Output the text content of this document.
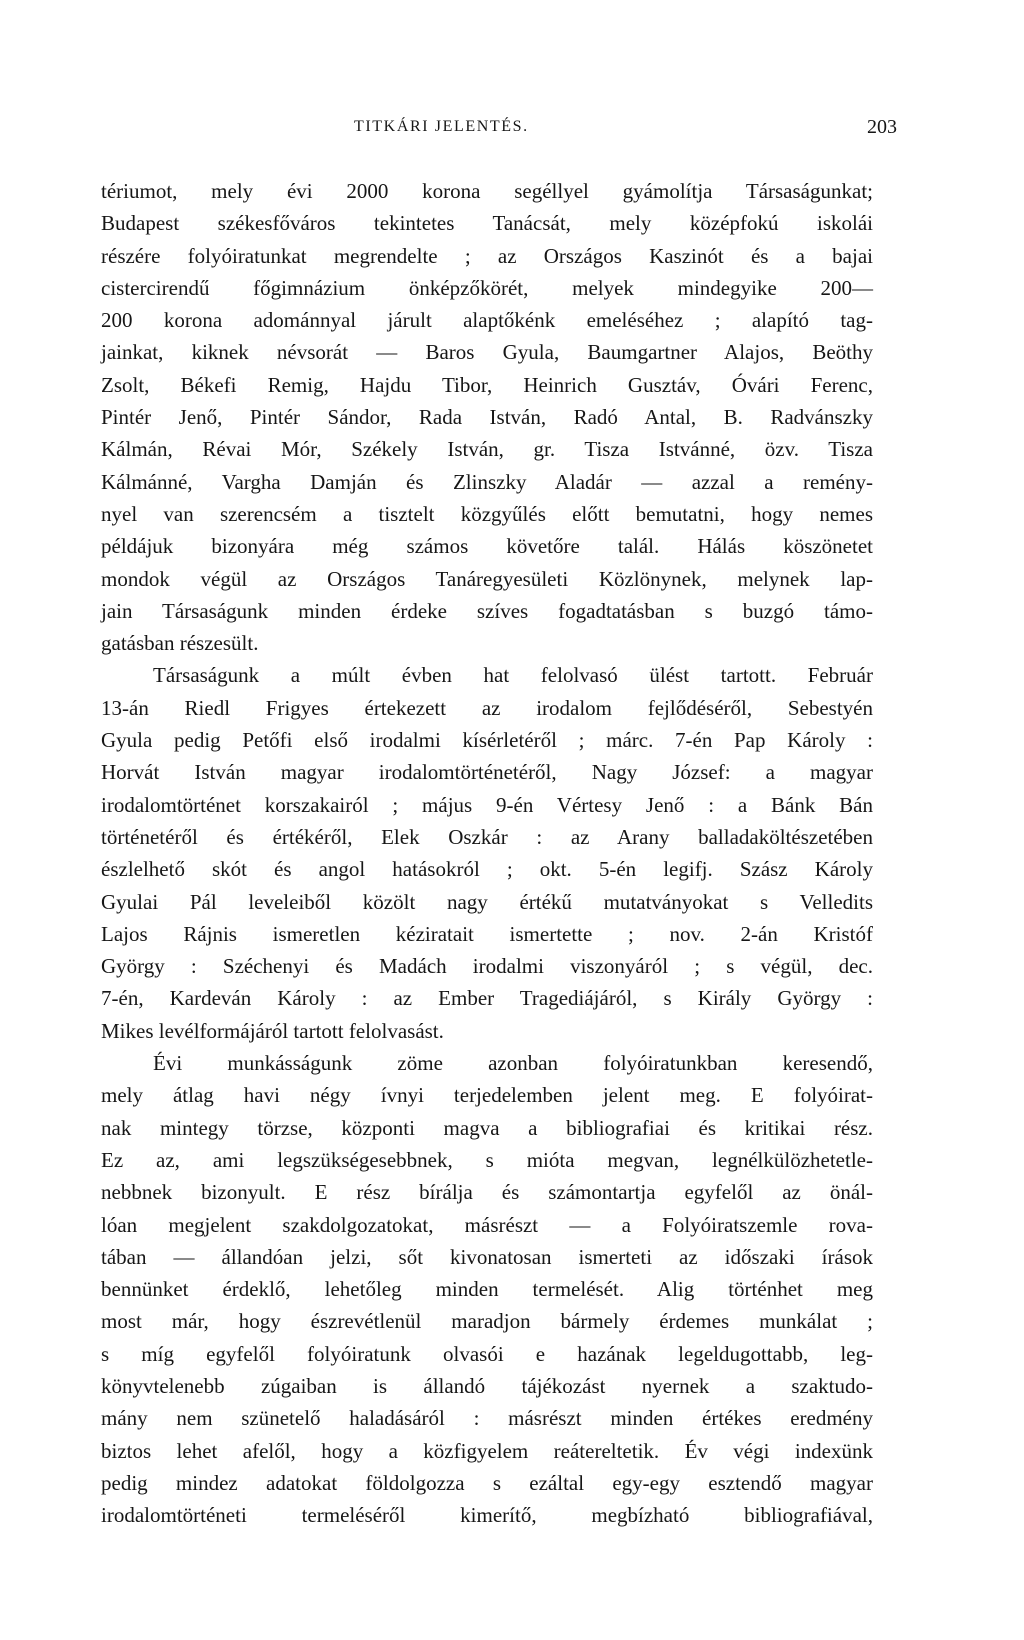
TITKÁRI JELENTÉS.	203
tériumot, mely évi 2000 korona segéllyel gyámolítja Társaságunkat;
Budapest székesfőváros tekintetes Tanácsát, mely középfokú iskolái
részére folyóiratunkat megrendelte ; az Országos Kaszinót és a bajai
cistercirendű főgimnázium önképzőkörét, melyek mindegyike 200—
200 korona adománnyal járult alaptőkénk emeléséhez ; alapító tag-
jainkat, kiknek névsorát — Baros Gyula, Baumgartner Alajos, Beöthy
Zsolt, Békefi Remig, Hajdu Tibor, Heinrich Gusztáv, Óvári Ferenc,
Pintér Jenő, Pintér Sándor, Rada István, Radó Antal, B. Radvánszky
Kálmán, Révai Mór, Székely István, gr. Tisza Istvánné, özv. Tisza
Kálmánné, Vargha Damján és Zlinszky Aladár — azzal a remény-
nyel van szerencsém a tisztelt közgyűlés előtt bemutatni, hogy nemes
példájuk bizonyára még számos követőre talál. Hálás köszönetet
mondok végül az Országos Tanáregyesületi Közlönynek, melynek lap-
jain Társaságunk minden érdeke szíves fogadtatásban s buzgó támo-
gatásban részesült.
Társaságunk a múlt évben hat felolvasó ülést tartott. Február
13-án Riedl Frigyes értekezett az irodalom fejlődéséről, Sebestyén
Gyula pedig Petőfi első irodalmi kísérletéről ; márc. 7-én Pap Károly :
Horvát István magyar irodalomtörténetéről, Nagy József: a magyar
irodalomtörténet korszakairól ; május 9-én Vértesy Jenő : a Bánk Bán
történetéről és értékéről, Elek Oszkár : az Arany balladaköltészetében
észlelhető skót és angol hatásokról ; okt. 5-én legifj. Szász Károly
Gyulai Pál leveleiből közölt nagy értékű mutatványokat s Velledits
Lajos Rájnis ismeretlen kéziratait ismertette ; nov. 2-án Kristóf
György : Széchenyi és Madách irodalmi viszonyáról ; s végül, dec.
7-én, Kardeván Károly : az Ember Tragediájáról, s Király György :
Mikes levélformájáról tartott felolvasást.
Évi munkásságunk zöme azonban folyóiratunkban keresendő,
mely átlag havi négy ívnyi terjedelemben jelent meg. E folyóirat-
nak mintegy törzse, központi magva a bibliografiai és kritikai rész.
Ez az, ami legszükségesebbnek, s mióta megvan, legnélkülözhetetle-
nebbnek bizonyult. E rész bírálja és számontartja egyfelől az önál-
lóan megjelent szakdolgozatokat, másrészt — a Folyóiratszemle rova-
tában — állandóan jelzi, sőt kivonatosan ismerteti az időszaki írások
bennünket érdeklő, lehetőleg minden termelését. Alig történhet meg
most már, hogy észrevétlenül maradjon bármely érdemes munkálat ;
s míg egyfelől folyóiratunk olvasói e hazának legeldugottabb, leg-
könyvtelenebb zúgaiban is állandó tájékozást nyernek a szaktudo-
mány nem szünetelő haladásáról : másrészt minden értékes eredmény
biztos lehet afelől, hogy a közfigyelem reátereltetik. Év végi indexünk
pedig mindez adatokat földolgozza s ezáltal egy-egy esztendő magyar
irodalomtörténeti termeléséről kimerítő, megbízható bibliografiával,
